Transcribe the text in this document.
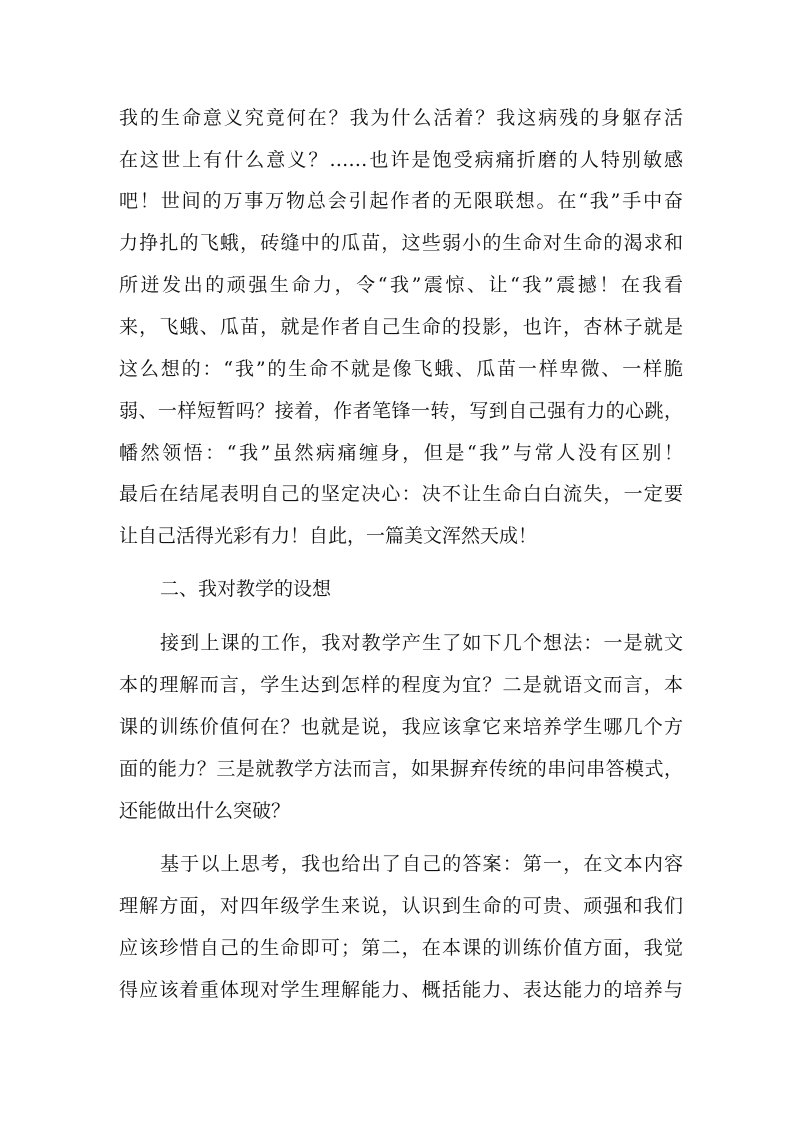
我的生命意义究竟何在？我为什么活着？我这病残的身躯存活
在这世上有什么意义？……也许是饱受病痛折磨的人特别敏感
吧！世间的万事万物总会引起作者的无限联想。在“我”手中奋
力挣扎的飞蛾，砖缝中的瓜苗，这些弱小的生命对生命的渴求和
所迸发出的顽强生命力，令“我”震惊、让“我”震撼！在我看
来，飞蛾、瓜苗，就是作者自己生命的投影，也许，杏林子就是
这么想的：“我”的生命不就是像飞蛾、瓜苗一样卑微、一样脆
弱、一样短暂吗？接着，作者笔锋一转，写到自己强有力的心跳，
幡然领悟：“我”虽然病痛缠身，但是“我”与常人没有区别！
最后在结尾表明自己的坚定决心：决不让生命白白流失，一定要
让自己活得光彩有力！自此，一篇美文浑然天成！
二、我对教学的设想
接到上课的工作，我对教学产生了如下几个想法：一是就文
本的理解而言，学生达到怎样的程度为宜？二是就语文而言，本
课的训练价值何在？也就是说，我应该拿它来培养学生哪几个方
面的能力？三是就教学方法而言，如果摒弃传统的串问串答模式，
还能做出什么突破？
基于以上思考，我也给出了自己的答案：第一，在文本内容
理解方面，对四年级学生来说，认识到生命的可贵、顽强和我们
应该珍惜自己的生命即可；第二，在本课的训练价值方面，我觉
得应该着重体现对学生理解能力、概括能力、表达能力的培养与
